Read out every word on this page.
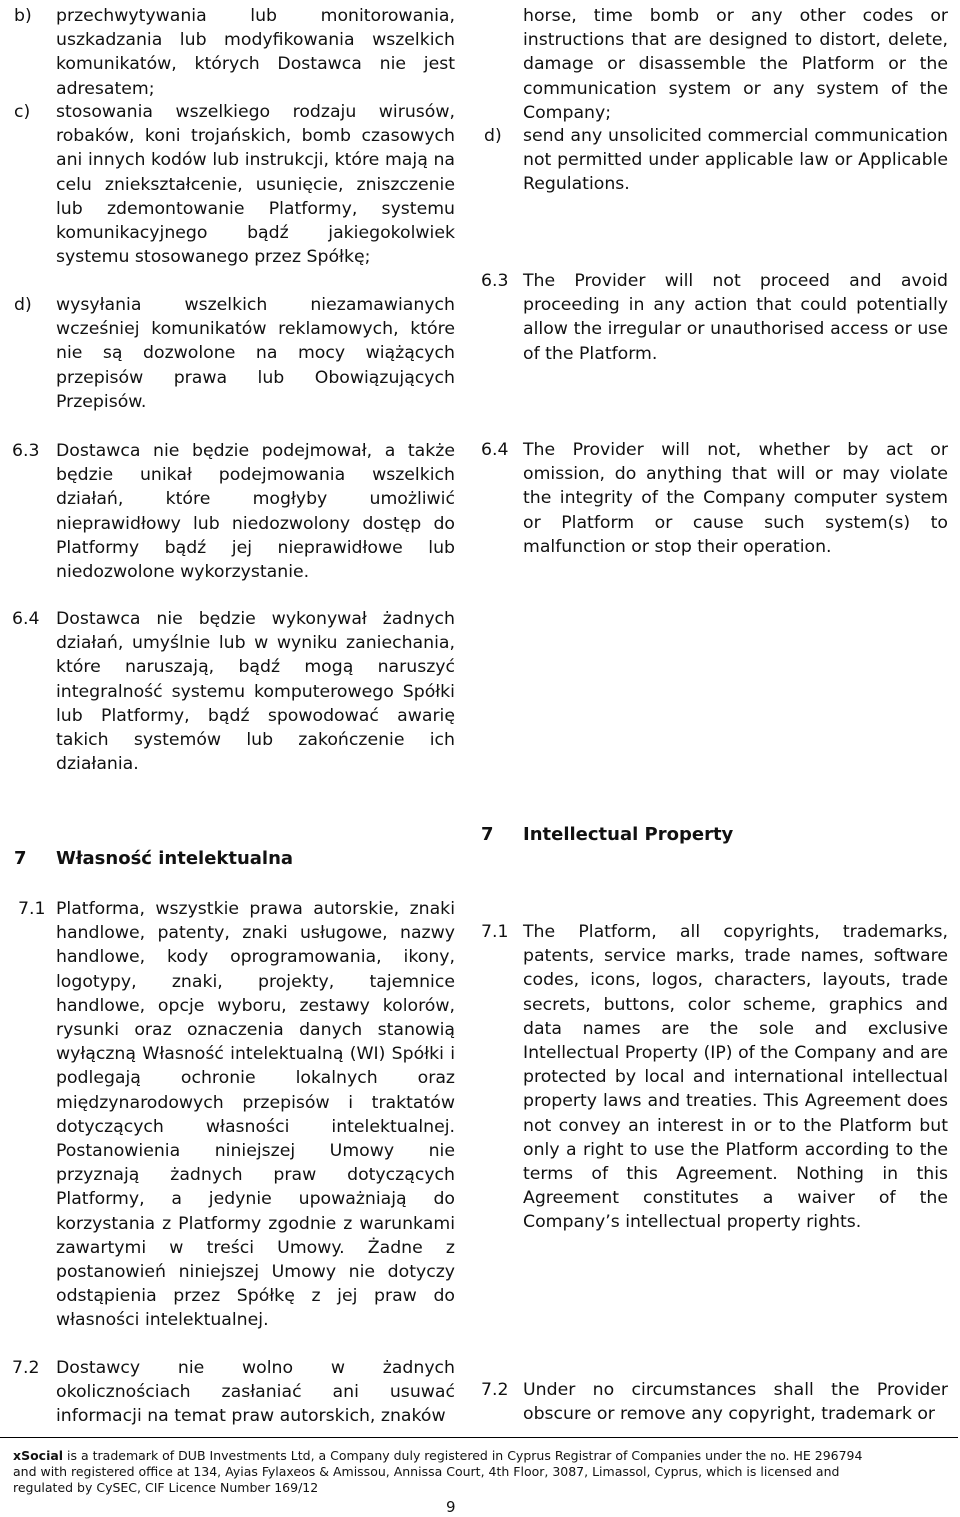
b) przechwytywania lub monitorowania, uszkadzania lub modyfikowania wszelkich komunikatów, których Dostawca nie jest adresatem;
c) stosowania wszelkiego rodzaju wirusów, robaków, koni trojańskich, bomb czasowych ani innych kodów lub instrukcji, które mają na celu zniekształcenie, usunięcie, zniszczenie lub zdemontowanie Platformy, systemu komunikacyjnego bądź jakiegokolwiek systemu stosowanego przez Spółkę;
d) wysyłania wszelkich niezamawianych wcześniej komunikatów reklamowych, które nie są dozwolone na mocy wiążących przepisów prawa lub Obowiązujących Przepisów.
6.3 Dostawca nie będzie podejmował, a także będzie unikał podejmowania wszelkich działań, które mogłyby umożliwić nieprawidłowy lub niedozwolony dostęp do Platformy bądź jej nieprawidłowe lub niedozwolone wykorzystanie.
6.4 Dostawca nie będzie wykonywał żadnych działań, umyślnie lub w wyniku zaniechania, które naruszają, bądź mogą naruszyć integralność systemu komputerowego Spółki lub Platformy, bądź spowodować awarię takich systemów lub zakończenie ich działania.
7 Własność intelektualna
7.1 Platforma, wszystkie prawa autorskie, znaki handlowe, patenty, znaki usługowe, nazwy handlowe, kody oprogramowania, ikony, logotypy, znaki, projekty, tajemnice handlowe, opcje wyboru, zestawy kolorów, rysunki oraz oznaczenia danych stanowią wyłączną Własność intelektualną (WI) Spółki i podlegają ochronie lokalnych oraz międzynarodowych przepisów i traktatów dotyczących własności intelektualnej. Postanowienia niniejszej Umowy nie przyznają żadnych praw dotyczących Platformy, a jedynie upoważniają do korzystania z Platformy zgodnie z warunkami zawartymi w treści Umowy. Żadne z postanowień niniejszej Umowy nie dotyczy odstąpienia przez Spółkę z jej praw do własności intelektualnej.
7.2 Dostawcy nie wolno w żadnych okolicznościach zasłaniać ani usuwać informacji na temat praw autorskich, znaków
horse, time bomb or any other codes or instructions that are designed to distort, delete, damage or disassemble the Platform or the communication system or any system of the Company;
d) send any unsolicited commercial communication not permitted under applicable law or Applicable Regulations.
6.3 The Provider will not proceed and avoid proceeding in any action that could potentially allow the irregular or unauthorised access or use of the Platform.
6.4 The Provider will not, whether by act or omission, do anything that will or may violate the integrity of the Company computer system or Platform or cause such system(s) to malfunction or stop their operation.
7 Intellectual Property
7.1 The Platform, all copyrights, trademarks, patents, service marks, trade names, software codes, icons, logos, characters, layouts, trade secrets, buttons, color scheme, graphics and data names are the sole and exclusive Intellectual Property (IP) of the Company and are protected by local and international intellectual property laws and treaties. This Agreement does not convey an interest in or to the Platform but only a right to use the Platform according to the terms of this Agreement. Nothing in this Agreement constitutes a waiver of the Company’s intellectual property rights.
7.2 Under no circumstances shall the Provider obscure or remove any copyright, trademark or
xSocial is a trademark of DUB Investments Ltd, a Company duly registered in Cyprus Registrar of Companies under the no. HE 296794 and with registered office at 134, Ayias Fylaxeos & Amissou, Annissa Court, 4th Floor, 3087, Limassol, Cyprus, which is licensed and regulated by CySEC, CIF Licence Number 169/12
9
